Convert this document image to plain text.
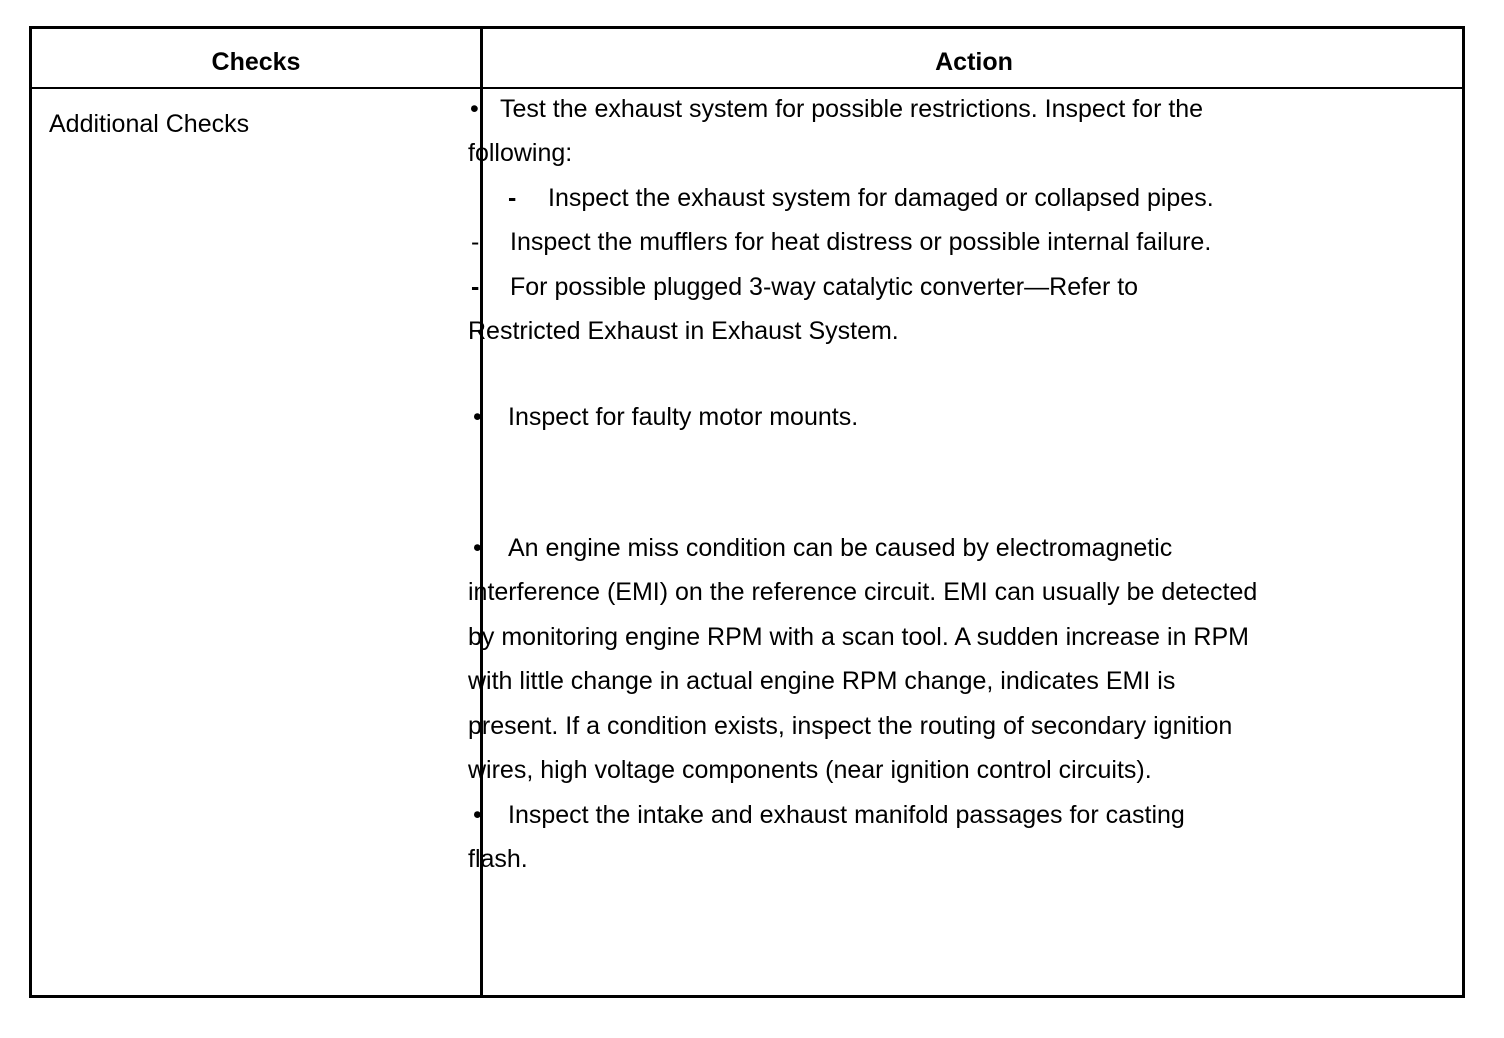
Checks	Action
Additional Checks
• Test the exhaust system for possible restrictions. Inspect for the
following:
- Inspect the exhaust system for damaged or collapsed pipes.
- Inspect the mufflers for heat distress or possible internal failure.
- For possible plugged 3-way catalytic converter—Refer to
Restricted Exhaust in Exhaust System.
• Inspect for faulty motor mounts.
• An engine miss condition can be caused by electromagnetic
interference (EMI) on the reference circuit. EMI can usually be detected
by monitoring engine RPM with a scan tool. A sudden increase in RPM
with little change in actual engine RPM change, indicates EMI is
present. If a condition exists, inspect the routing of secondary ignition
wires, high voltage components (near ignition control circuits).
• Inspect the intake and exhaust manifold passages for casting
flash.
